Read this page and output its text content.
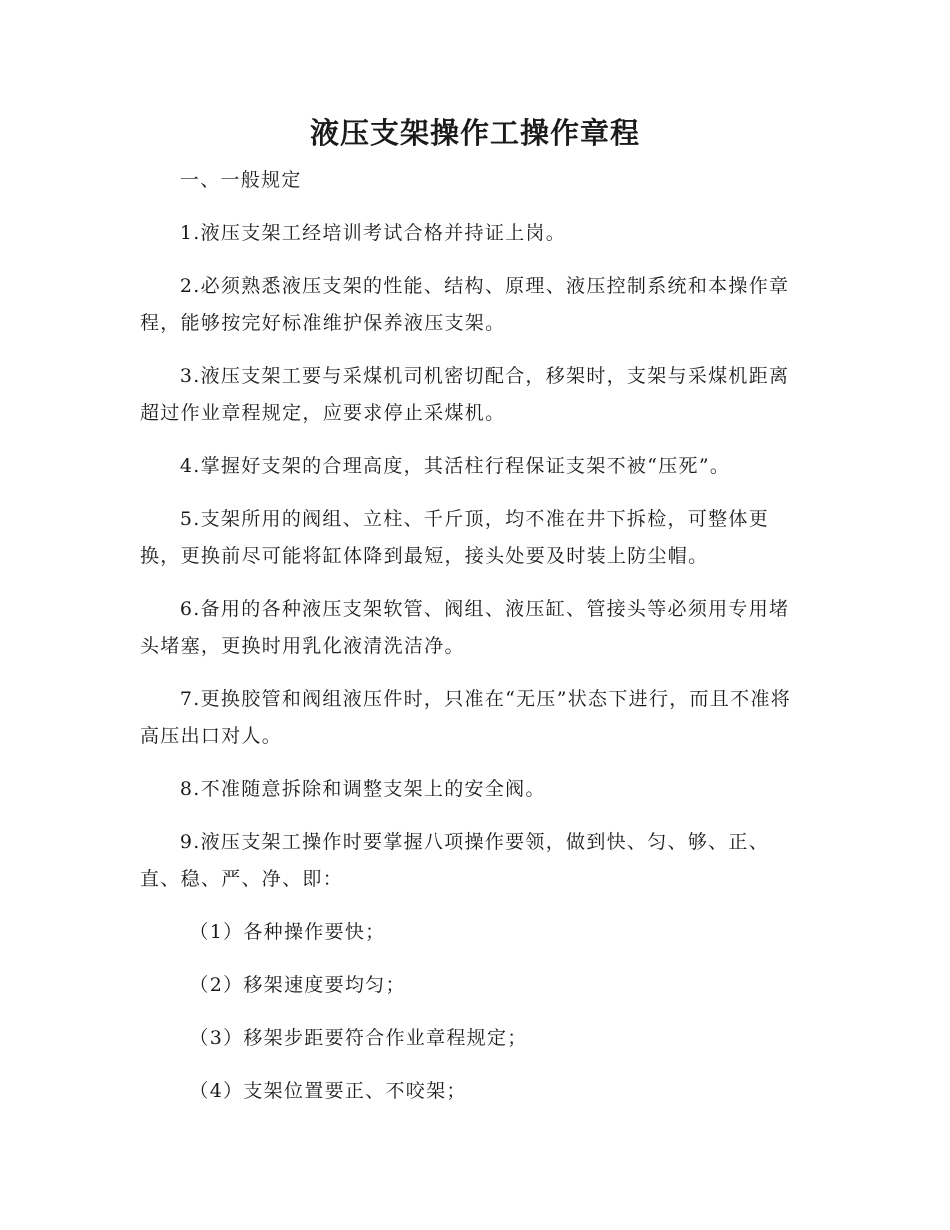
液压支架操作工操作章程

一、一般规定

1.液压支架工经培训考试合格并持证上岗。

2.必须熟悉液压支架的性能、结构、原理、液压控制系统和本操作章程，能够按完好标准维护保养液压支架。

3.液压支架工要与采煤机司机密切配合，移架时，支架与采煤机距离超过作业章程规定，应要求停止采煤机。

4.掌握好支架的合理高度，其活柱行程保证支架不被“压死”。

5.支架所用的阀组、立柱、千斤顶，均不准在井下拆检，可整体更换，更换前尽可能将缸体降到最短，接头处要及时装上防尘帽。

6.备用的各种液压支架软管、阀组、液压缸、管接头等必须用专用堵头堵塞，更换时用乳化液清洗洁净。

7.更换胶管和阀组液压件时，只准在“无压”状态下进行，而且不准将高压出口对人。

8.不准随意拆除和调整支架上的安全阀。

9.液压支架工操作时要掌握八项操作要领，做到快、匀、够、正、直、稳、严、净、即：

（1）各种操作要快；

（2）移架速度要均匀；

（3）移架步距要符合作业章程规定；

（4）支架位置要正、不咬架；
